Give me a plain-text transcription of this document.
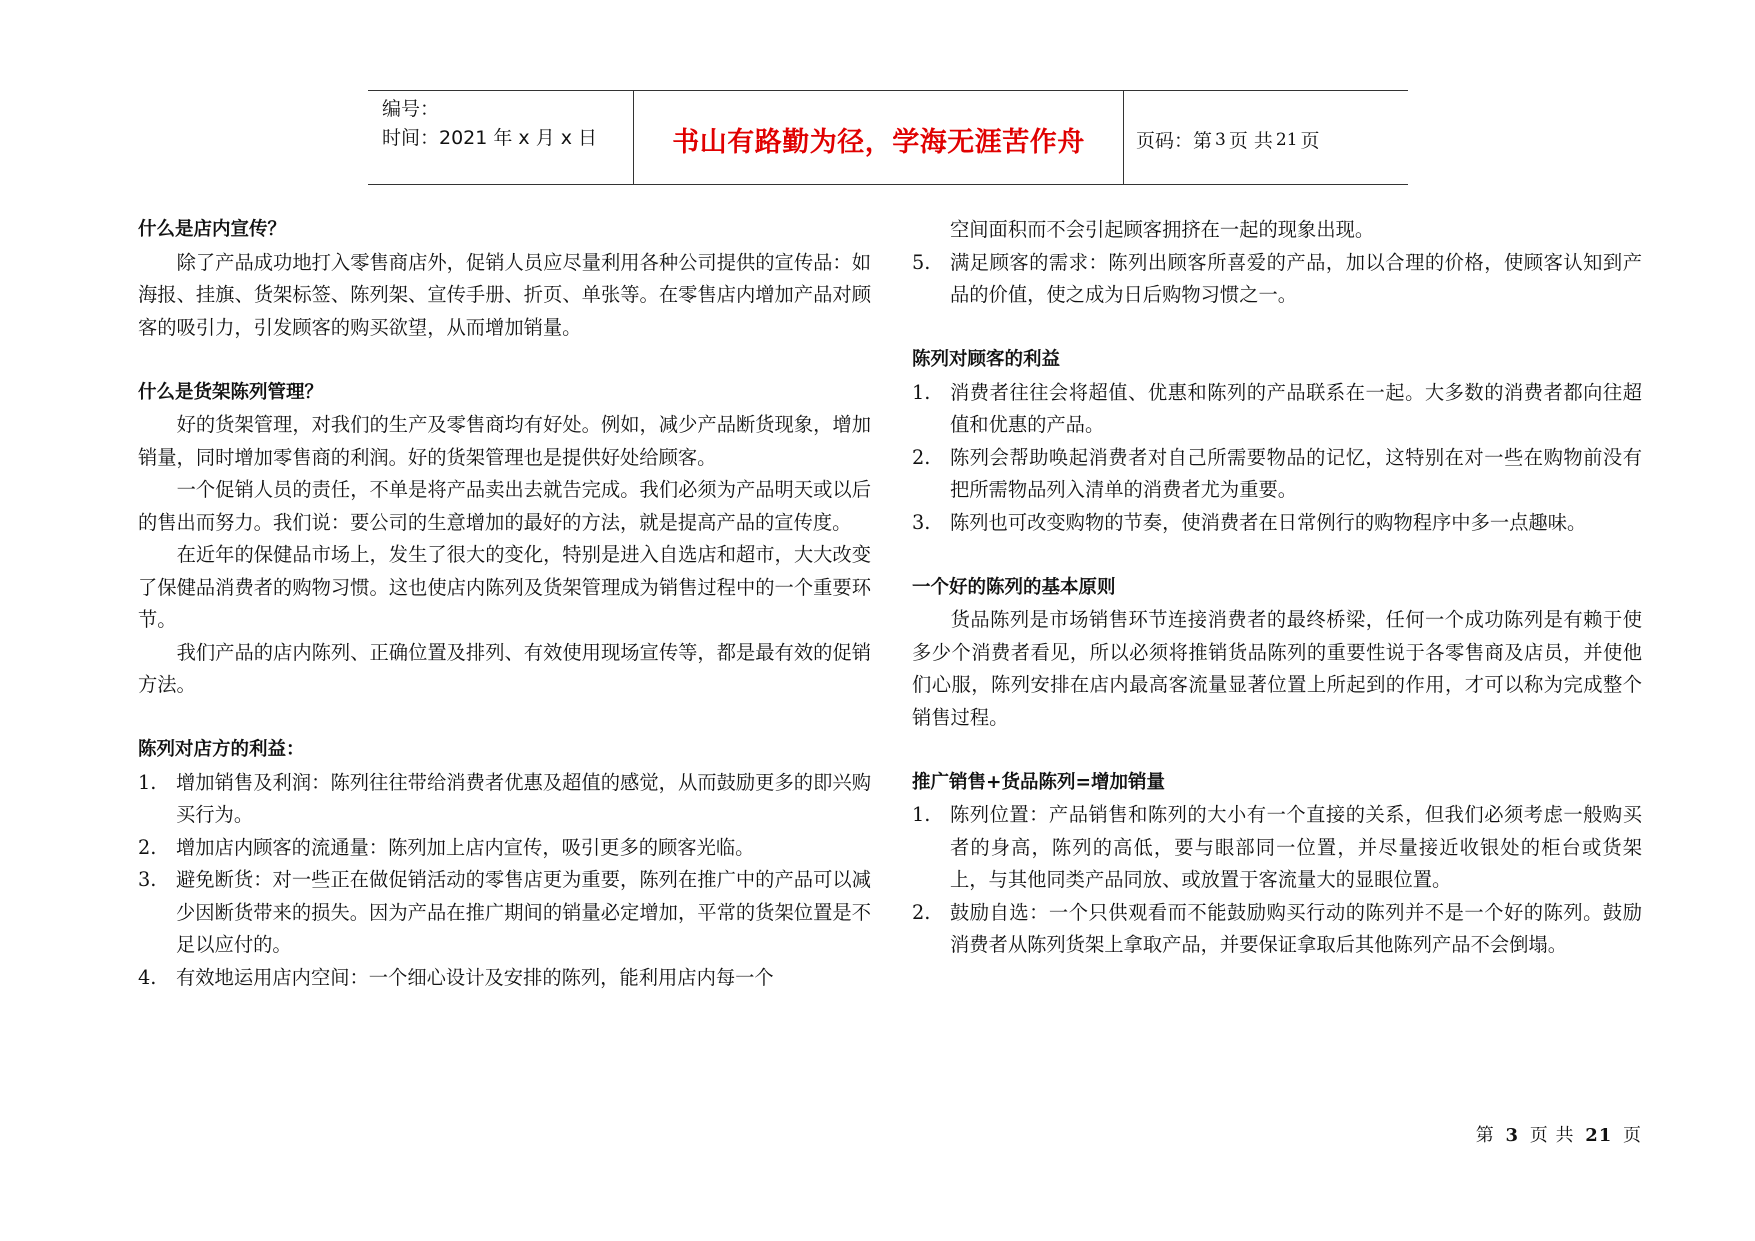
编号：
时间：2021 年 x 月 x 日	书山有路勤为径，学海无涯苦作舟	页码：第 3 页 共 21 页
什么是店内宣传？

除了产品成功地打入零售商店外，促销人员应尽量利用各种公司提供的宣传品：如海报、挂旗、货架标签、陈列架、宣传手册、折页、单张等。在零售店内增加产品对顾客的吸引力，引发顾客的购买欲望，从而增加销量。

什么是货架陈列管理？

好的货架管理，对我们的生产及零售商均有好处。例如，减少产品断货现象，增加销量，同时增加零售商的利润。好的货架管理也是提供好处给顾客。

一个促销人员的责任，不单是将产品卖出去就告完成。我们必须为产品明天或以后的售出而努力。我们说：要公司的生意增加的最好的方法，就是提高产品的宣传度。

在近年的保健品市场上，发生了很大的变化，特别是进入自选店和超市，大大改变了保健品消费者的购物习惯。这也使店内陈列及货架管理成为销售过程中的一个重要环节。

我们产品的店内陈列、正确位置及排列、有效使用现场宣传等，都是最有效的促销方法。

陈列对店方的利益：
1.	增加销售及利润：陈列往往带给消费者优惠及超值的感觉，从而鼓励更多的即兴购买行为。
2.	增加店内顾客的流通量：陈列加上店内宣传，吸引更多的顾客光临。
3.	避免断货：对一些正在做促销活动的零售店更为重要，陈列在推广中的产品可以减少因断货带来的损失。因为产品在推广期间的销量必定增加，平常的货架位置是不足以应付的。
4.	有效地运用店内空间：一个细心设计及安排的陈列，能利用店内每一个

空间面积而不会引起顾客拥挤在一起的现象出现。

5.	满足顾客的需求：陈列出顾客所喜爱的产品，加以合理的价格，使顾客认知到产品的价值，使之成为日后购物习惯之一。
陈列对顾客的利益
1.	消费者往往会将超值、优惠和陈列的产品联系在一起。大多数的消费者都向往超值和优惠的产品。
2.	陈列会帮助唤起消费者对自己所需要物品的记忆，这特别在对一些在购物前没有把所需物品列入清单的消费者尤为重要。
3.	陈列也可改变购物的节奏，使消费者在日常例行的购物程序中多一点趣味。
一个好的陈列的基本原则

货品陈列是市场销售环节连接消费者的最终桥梁，任何一个成功陈列是有赖于使多少个消费者看见，所以必须将推销货品陈列的重要性说于各零售商及店员，并使他们心服，陈列安排在店内最高客流量显著位置上所起到的作用，才可以称为完成整个销售过程。

推广销售+货品陈列=增加销量
1.	陈列位置：产品销售和陈列的大小有一个直接的关系，但我们必须考虑一般购买者的身高，陈列的高低，要与眼部同一位置，并尽量接近收银处的柜台或货架上，与其他同类产品同放、或放置于客流量大的显眼位置。
2.	鼓励自选：一个只供观看而不能鼓励购买行动的陈列并不是一个好的陈列。鼓励消费者从陈列货架上拿取产品，并要保证拿取后其他陈列产品不会倒塌。
第 3 页 共 21 页
